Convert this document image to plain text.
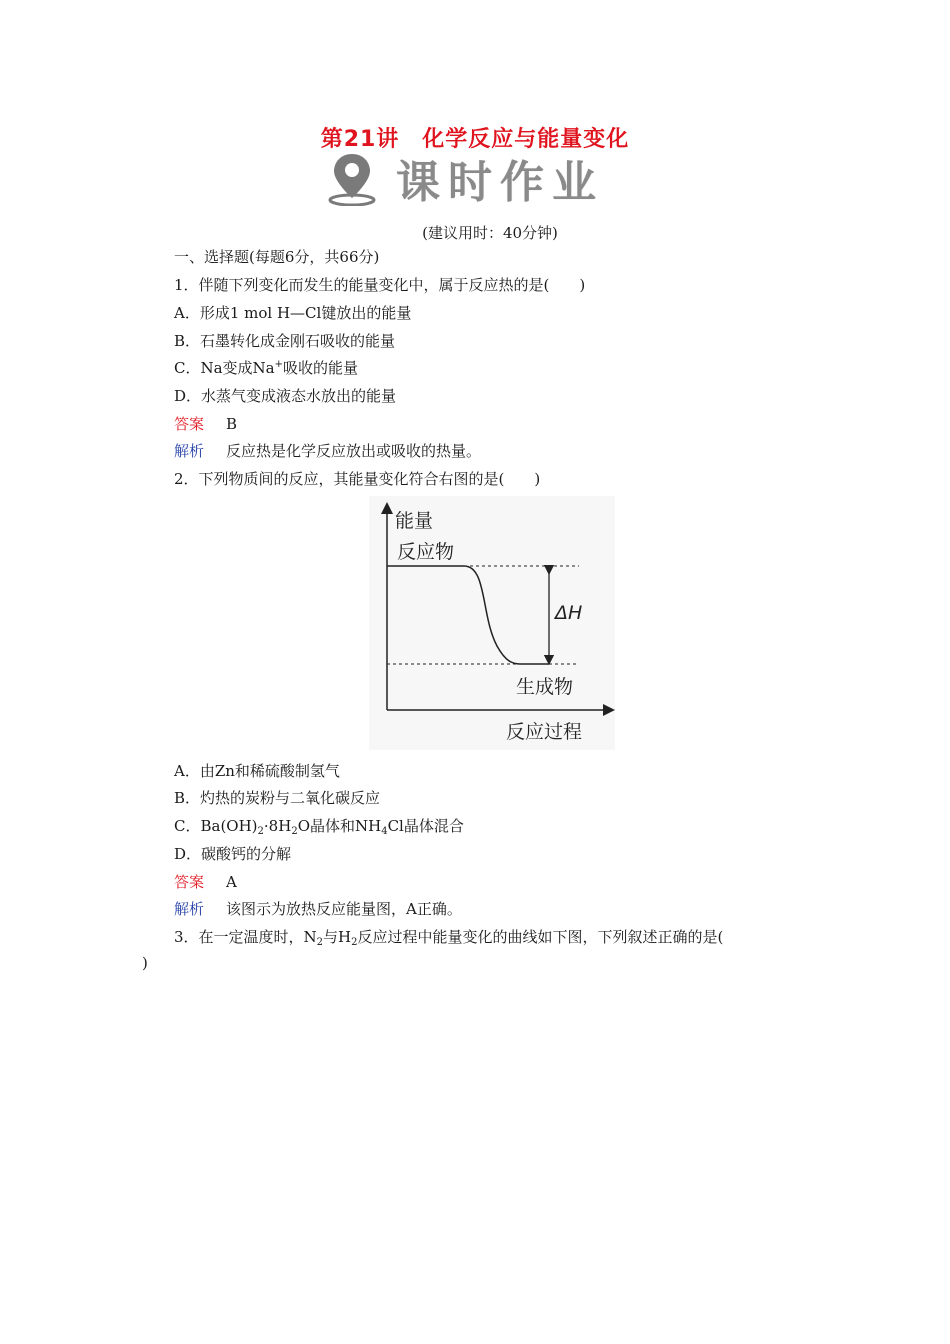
第21讲　化学反应与能量变化
课时作业
(建议用时：40分钟)
一、选择题(每题6分，共66分)
1．伴随下列变化而发生的能量变化中，属于反应热的是(　　)
A．形成1 mol H—Cl键放出的能量
B．石墨转化成金刚石吸收的能量
C．Na变成Na+吸收的能量
D．水蒸气变成液态水放出的能量
答案 B
解析 反应热是化学反应放出或吸收的热量。
2．下列物质间的反应，其能量变化符合右图的是(　　)
能量
反应物
ΔH
生成物
反应过程
A．由Zn和稀硫酸制氢气
B．灼热的炭粉与二氧化碳反应
C．$Ba(OH)_2\cdot 8H_2O$晶体和$NH_4Cl$晶体混合
D．碳酸钙的分解
答案 A
解析 该图示为放热反应能量图，A正确。
3．在一定温度时，$N_2$与$H_2$反应过程中能量变化的曲线如下图，下列叙述正确的是(
)
